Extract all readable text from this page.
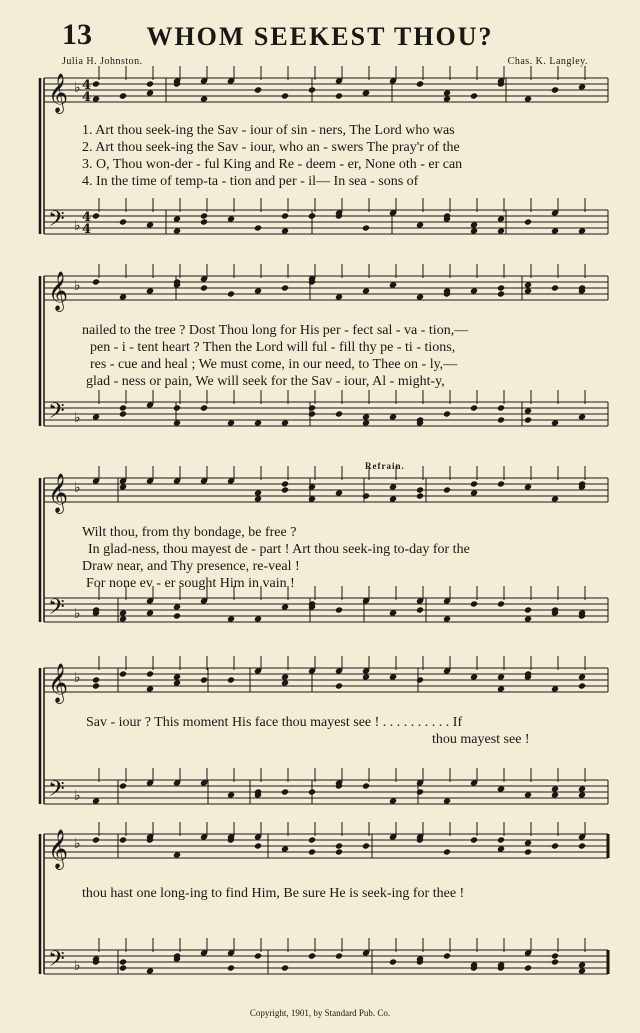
13	WHOM SEEKEST THOU?
Julia H. Johnston.	Chas. K. Langley.
𝄞 ♭
𝄢 ♭
𝄞 ♭
𝄢 ♭
𝄞 ♭
𝄢 ♭
𝄞 ♭
𝄢 ♭
𝄞 ♭
𝄢 ♭
4
4
4
4
1. Art thou seek-ing the Sav - iour of sin - ners, The Lord who was
2. Art thou seek-ing the Sav - iour, who an - swers The pray'r of the
3. O, Thou won-der - ful King and Re - deem - er, None oth - er can
4. In the time of temp-ta - tion and per - il— In sea - sons of
nailed to the tree ? Dost Thou long for His per - fect sal - va - tion,—
pen - i - tent heart ? Then the Lord will ful - fill thy pe - ti - tions,
res - cue and heal ; We must come, in our need, to Thee on - ly,—
glad - ness or pain, We will seek for the Sav - iour, Al - might-y,
Refrain.
Wilt thou, from thy bondage, be free ?
In glad-ness, thou mayest de - part ! Art thou seek-ing to-day for the
Draw near, and Thy presence, re-veal !
For none ev - er sought Him in vain !
Sav - iour ? This moment His face thou mayest see ! . . . . . . . . . . If
thou mayest see !
thou hast one long-ing to find Him, Be sure He is seek-ing for thee !
Copyright, 1901, by Standard Pub. Co.
